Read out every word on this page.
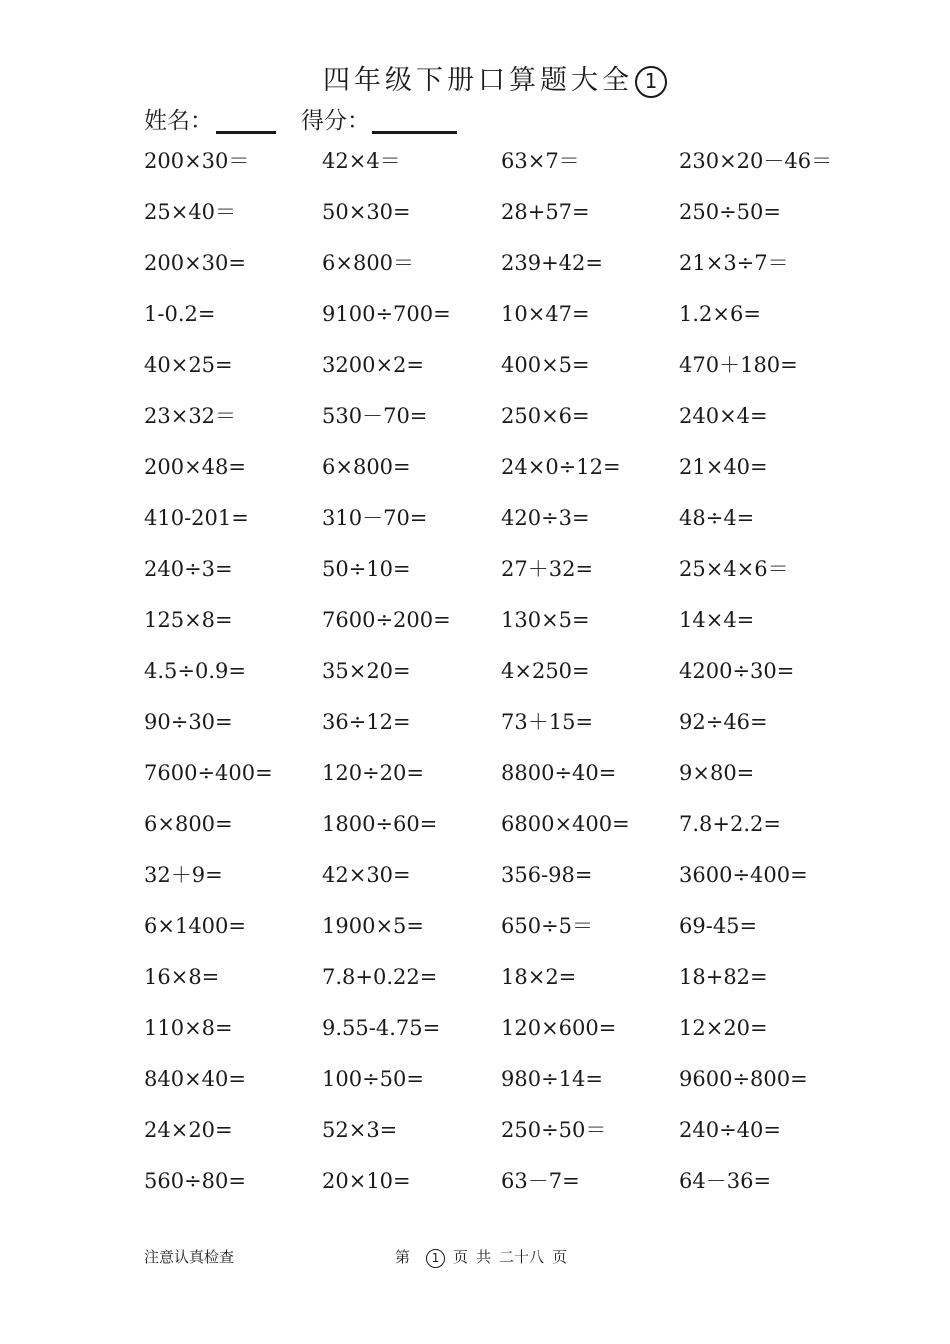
四年级下册口算题大全 1
姓名：	得分：
200×30＝	42×4＝	63×7＝	230×20－46＝
25×40＝	50×30=	28+57=	250÷50=
200×30=	6×800＝	239+42=	21×3÷7＝
1-0.2=	9100÷700= 10×47=	1.2×6=
40×25=	3200×2=	400×5=	470＋180=
23×32＝	530－70=	250×6=	240×4=
200×48=	6×800=	24×0÷12=	21×40=
410-201=	310－70=	420÷3=	48÷4=
240÷3=	50÷10=	27＋32=	25×4×6＝
125×8=	7600÷200= 130×5=	14×4=
4.5÷0.9=	35×20=	4×250=	4200÷30=
90÷30=	36÷12=	73＋15=	92÷46=
7600÷400= 120÷20=	8800÷40=	9×80=
6×800=	1800÷60=	6800×400= 7.8+2.2=
32＋9=	42×30=	356-98=	3600÷400=
6×1400=	1900×5=	650÷5＝	69-45=
16×8=	7.8+0.22=	18×2=	18+82=
110×8=	9.55-4.75=	120×600=	12×20=
840×40=	100÷50=	980÷14=	9600÷800=
24×20=	52×3=	250÷50＝	240÷40=
560÷80=	20×10=	63－7=	64－36=
注意认真检查	第 1 页 共 二十八 页
